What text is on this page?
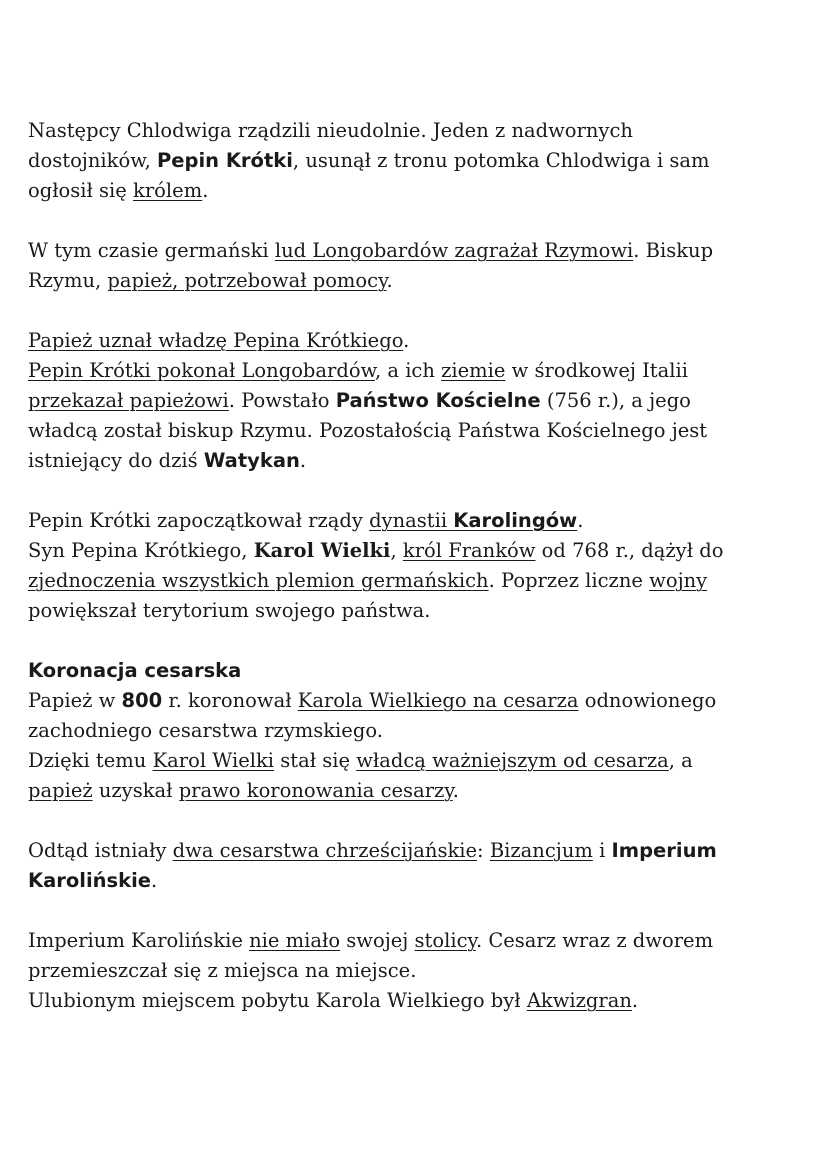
Następcy Chlodwiga rządzili nieudolnie. Jeden z nadwornych
dostojników, Pepin Krótki, usunął z tronu potomka Chlodwiga i sam
ogłosił się królem.
W tym czasie germański lud Longobardów zagrażał Rzymowi. Biskup
Rzymu, papież, potrzebował pomocy.
Papież uznał władzę Pepina Krótkiego.
Pepin Krótki pokonał Longobardów, a ich ziemie w środkowej Italii
przekazał papieżowi. Powstało Państwo Kościelne (756 r.), a jego
władcą został biskup Rzymu. Pozostałością Państwa Kościelnego jest
istniejący do dziś Watykan.
Pepin Krótki zapoczątkował rządy dynastii Karolingów.
Syn Pepina Krótkiego, Karol Wielki, król Franków od 768 r., dążył do
zjednoczenia wszystkich plemion germańskich. Poprzez liczne wojny
powiększał terytorium swojego państwa.
Koronacja cesarska
Papież w 800 r. koronował Karola Wielkiego na cesarza odnowionego
zachodniego cesarstwa rzymskiego.
Dzięki temu Karol Wielki stał się władcą ważniejszym od cesarza, a
papież uzyskał prawo koronowania cesarzy.
Odtąd istniały dwa cesarstwa chrześcijańskie: Bizancjum i Imperium
Karolińskie.
Imperium Karolińskie nie miało swojej stolicy. Cesarz wraz z dworem
przemieszczał się z miejsca na miejsce.
Ulubionym miejscem pobytu Karola Wielkiego był Akwizgran.
